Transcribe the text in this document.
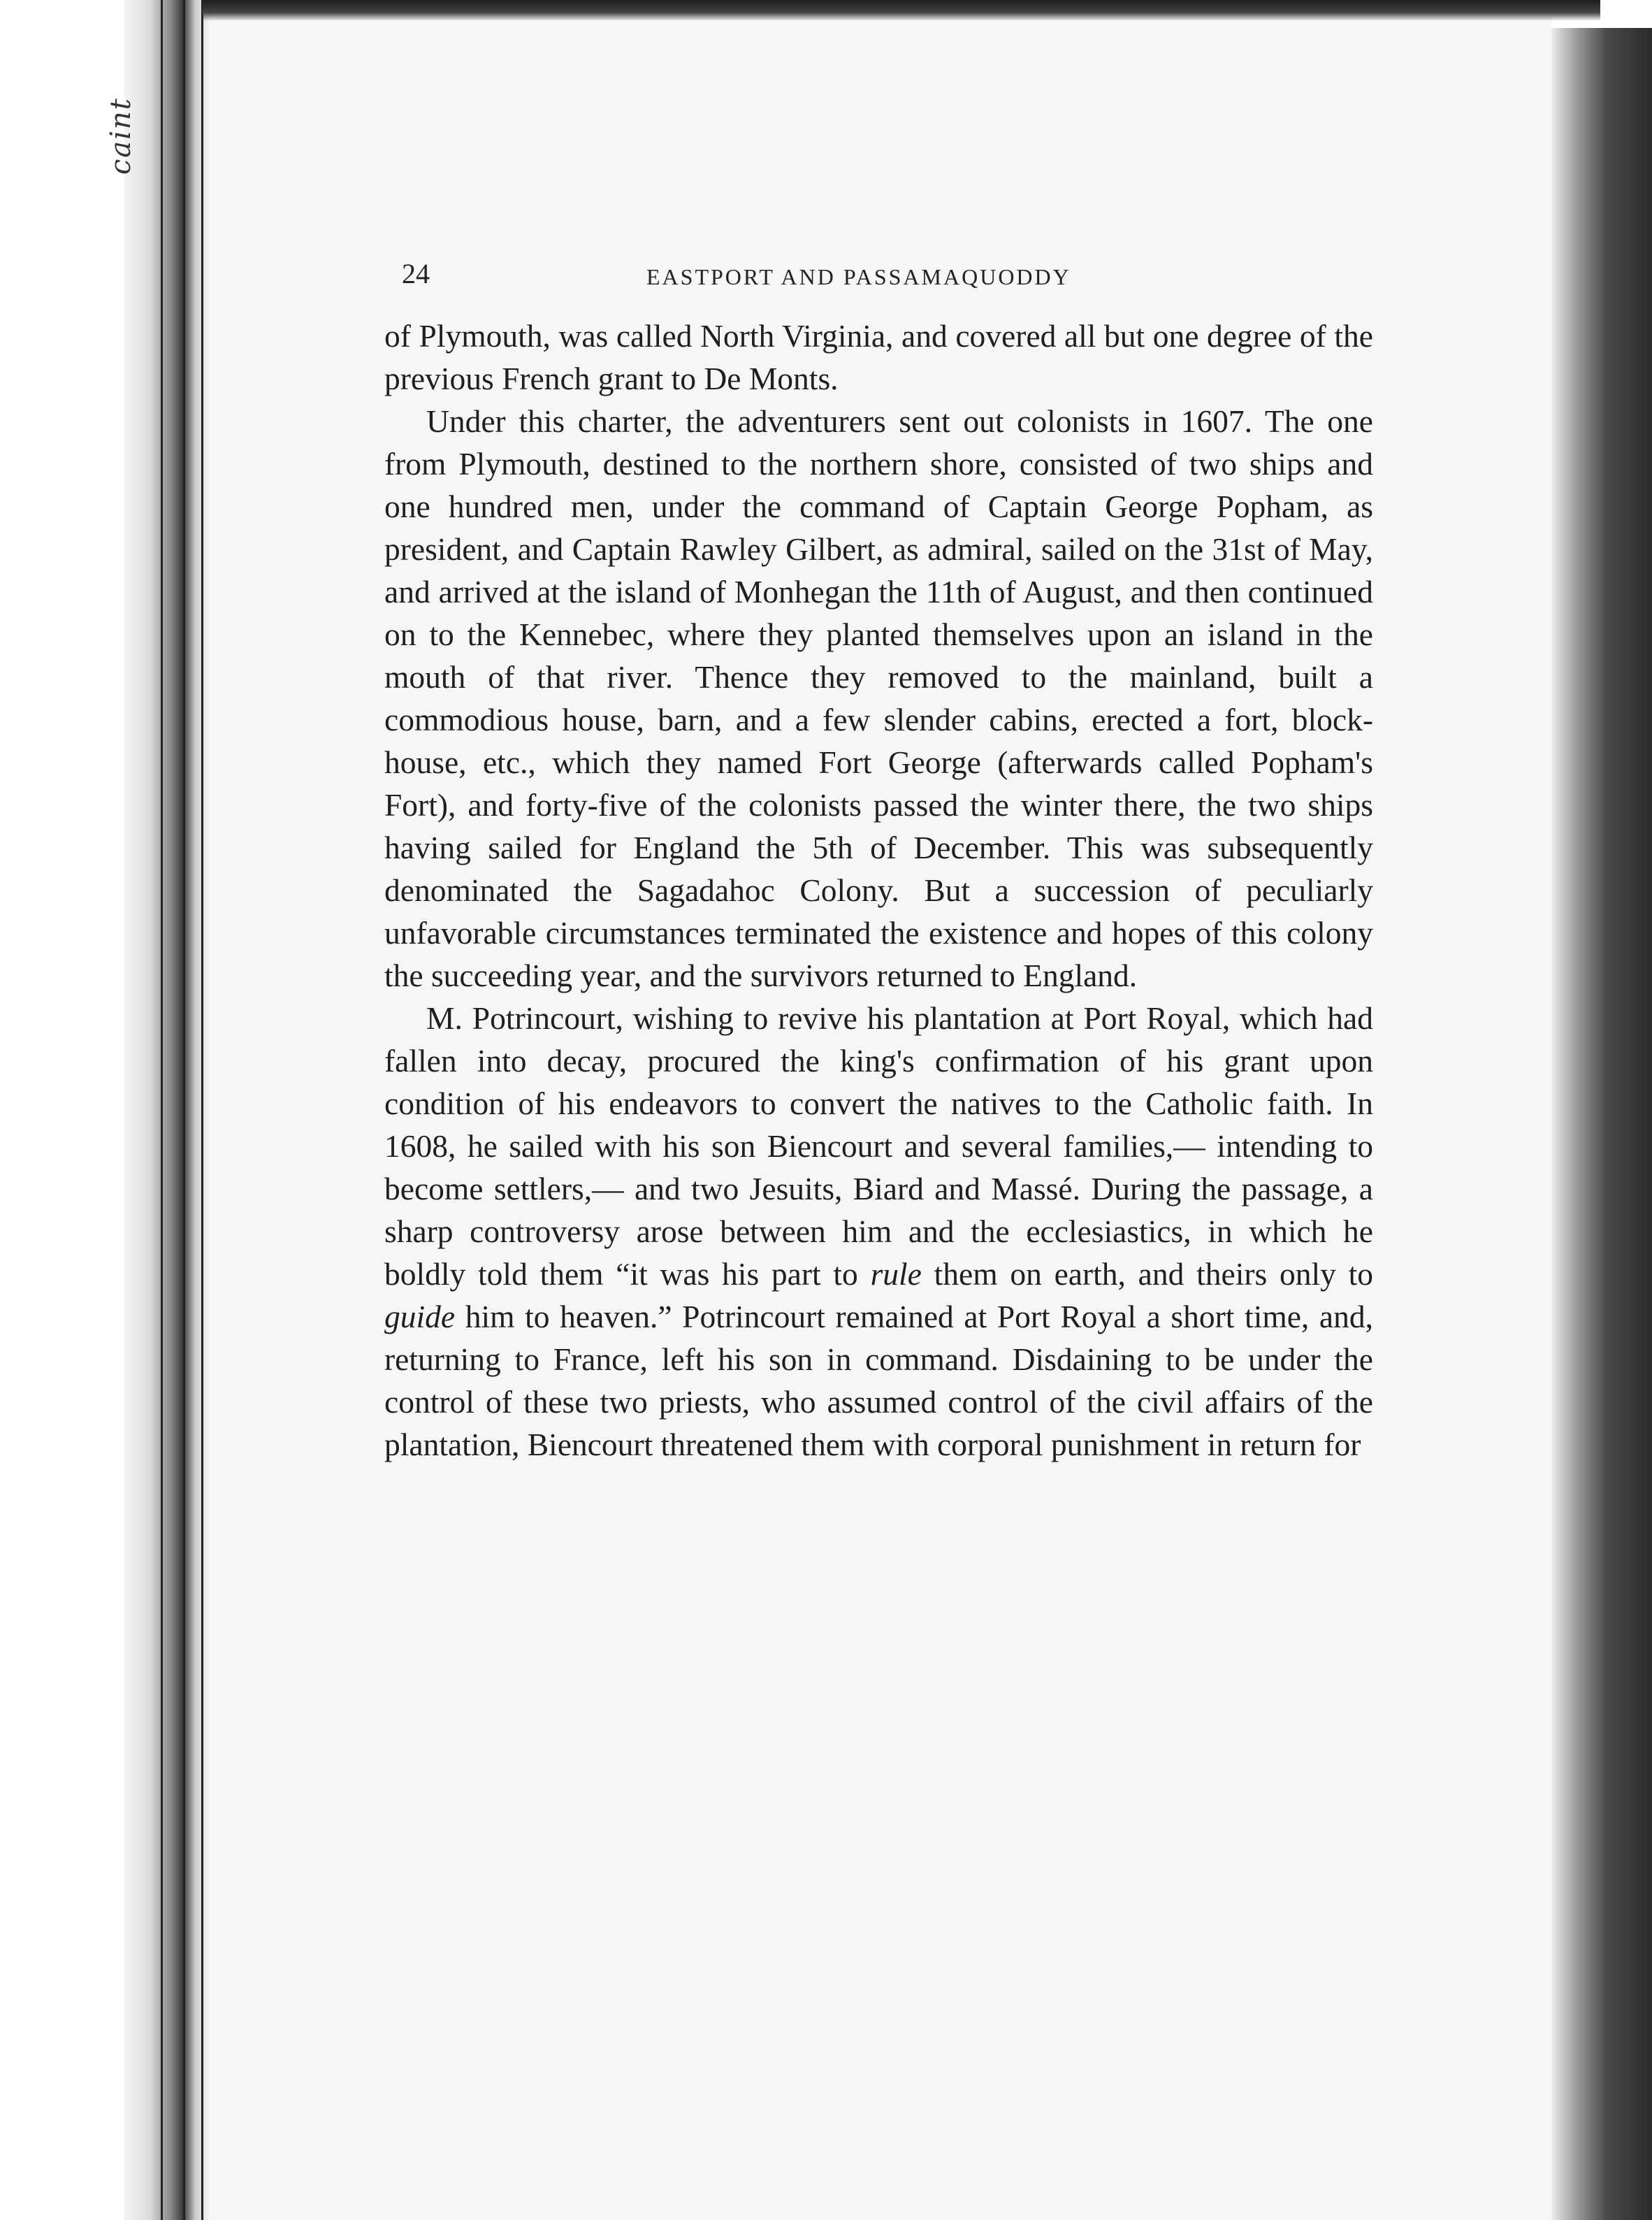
caint
24	EASTPORT AND PASSAMAQUODDY

of Plymouth, was called North Virginia, and covered all but one degree of the previous French grant to De Monts.

Under this charter, the adventurers sent out colonists in 1607. The one from Plymouth, destined to the northern shore, consisted of two ships and one hundred men, under the command of Captain George Popham, as president, and Captain Rawley Gilbert, as admiral, sailed on the 31st of May, and arrived at the island of Monhegan the 11th of August, and then continued on to the Kennebec, where they planted themselves upon an island in the mouth of that river. Thence they removed to the mainland, built a commodious house, barn, and a few slender cabins, erected a fort, block-house, etc., which they named Fort George (afterwards called Popham's Fort), and forty-five of the colonists passed the winter there, the two ships having sailed for England the 5th of December. This was subsequently denominated the Sagadahoc Colony. But a succession of peculiarly unfavorable circumstances terminated the existence and hopes of this colony the succeeding year, and the survivors returned to England.

M. Potrincourt, wishing to revive his plantation at Port Royal, which had fallen into decay, procured the king's confirmation of his grant upon condition of his endeavors to convert the natives to the Catholic faith. In 1608, he sailed with his son Biencourt and several families,— intending to become settlers,— and two Jesuits, Biard and Massé. During the passage, a sharp controversy arose between him and the ecclesiastics, in which he boldly told them “it was his part to rule them on earth, and theirs only to guide him to heaven.” Potrincourt remained at Port Royal a short time, and, returning to France, left his son in command. Disdaining to be under the control of these two priests, who assumed control of the civil affairs of the plantation, Biencourt threatened them with corporal punishment in return for
